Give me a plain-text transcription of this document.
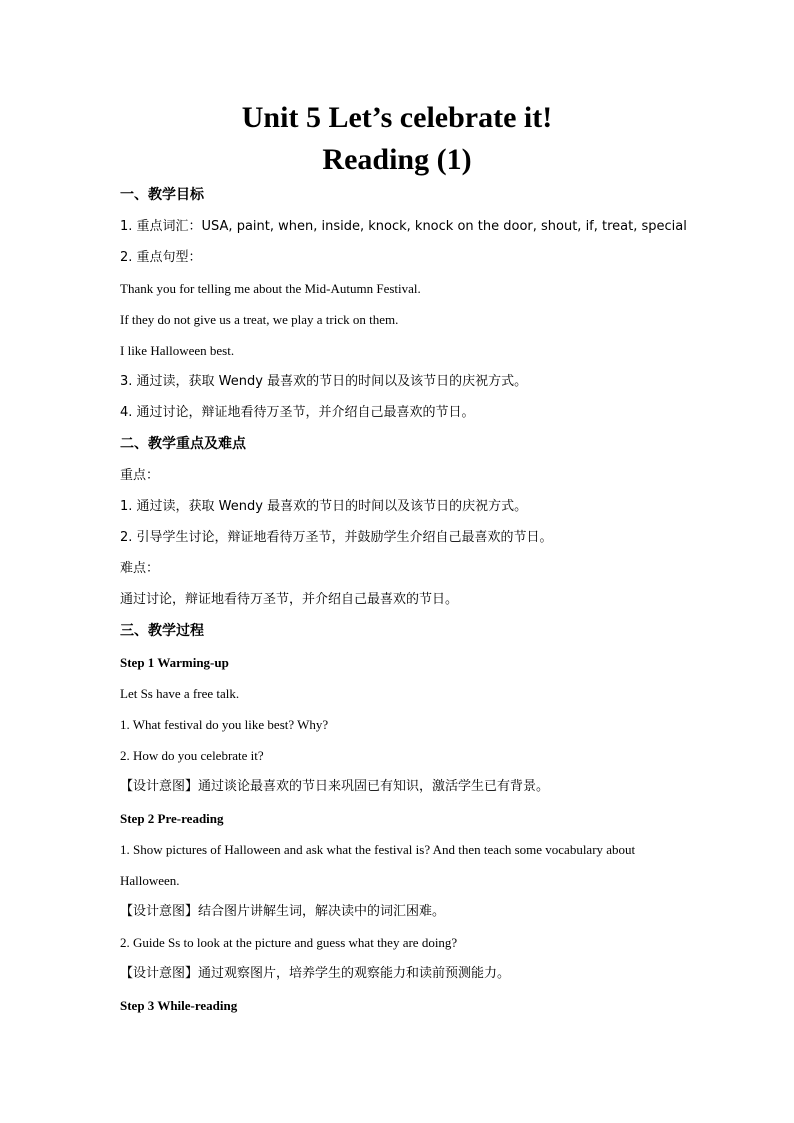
Unit 5 Let’s celebrate it!
Reading (1)
一、教学目标
1. 重点词汇：USA, paint, when, inside, knock, knock on the door, shout, if, treat, special
2. 重点句型：
Thank you for telling me about the Mid-Autumn Festival.
If they do not give us a treat, we play a trick on them.
I like Halloween best.
3. 通过读，获取 Wendy 最喜欢的节日的时间以及该节日的庆祝方式。
4. 通过讨论，辩证地看待万圣节，并介绍自己最喜欢的节日。
二、教学重点及难点
重点：
1. 通过读，获取 Wendy 最喜欢的节日的时间以及该节日的庆祝方式。
2. 引导学生讨论，辩证地看待万圣节，并鼓励学生介绍自己最喜欢的节日。
难点：
通过讨论，辩证地看待万圣节，并介绍自己最喜欢的节日。
三、教学过程
Step 1 Warming-up
Let Ss have a free talk.
1. What festival do you like best? Why?
2. How do you celebrate it?
【设计意图】通过谈论最喜欢的节日来巩固已有知识，激活学生已有背景。
Step 2 Pre-reading
1. Show pictures of Halloween and ask what the festival is? And then teach some vocabulary about
Halloween.
【设计意图】结合图片讲解生词，解决读中的词汇困难。
2. Guide Ss to look at the picture and guess what they are doing?
【设计意图】通过观察图片，培养学生的观察能力和读前预测能力。
Step 3 While-reading
